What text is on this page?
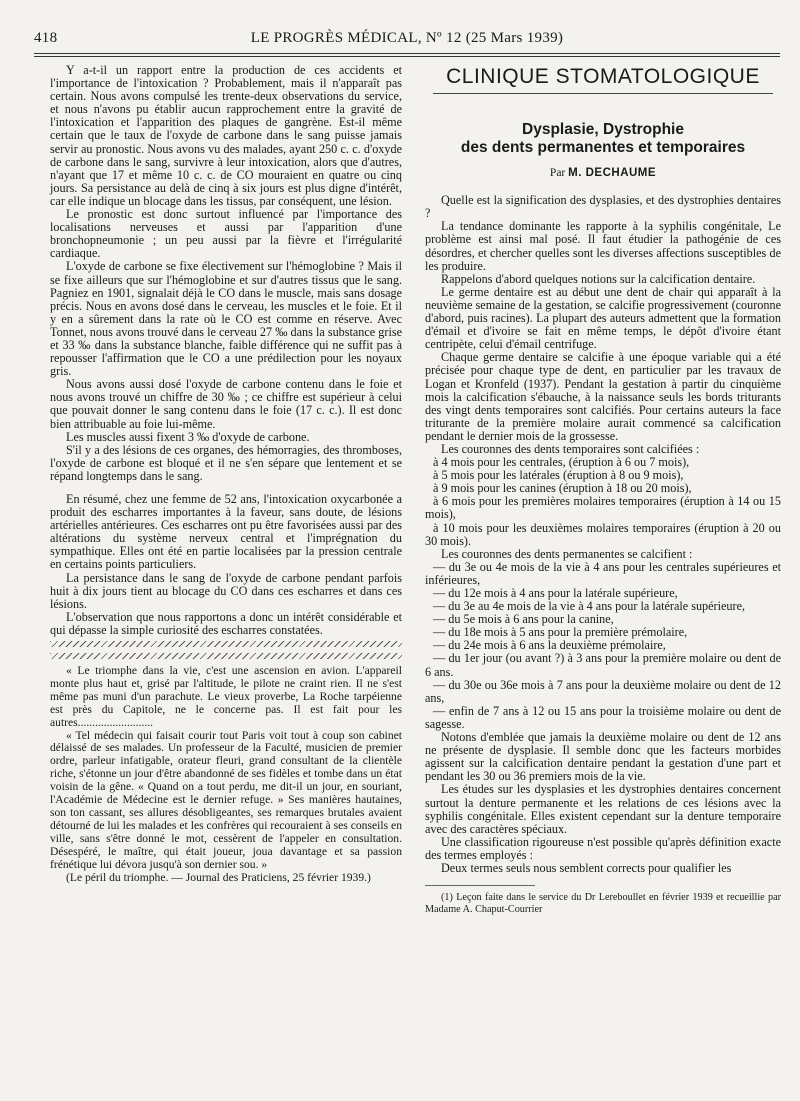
418	LE PROGRÈS MÉDICAL, Nº 12 (25 Mars 1939)

Y a-t-il un rapport entre la production de ces accidents et l'importance de l'intoxication ? Probablement, mais il n'apparaît pas certain. Nous avons compulsé les trente-deux observations du service, et nous n'avons pu établir aucun rapprochement entre la gravité de l'intoxication et l'apparition des plaques de gangrène. Est-il même certain que le taux de l'oxyde de carbone dans le sang puisse jamais servir au pronostic. Nous avons vu des malades, ayant 250 c. c. d'oxyde de carbone dans le sang, survivre à leur intoxication, alors que d'autres, n'ayant que 17 et même 10 c. c. de CO mouraient en quatre ou cinq jours. Sa persistance au delà de cinq à six jours est plus digne d'intérêt, car elle indique un blocage dans les tissus, par conséquent, une lésion.

Le pronostic est donc surtout influencé par l'importance des localisations nerveuses et aussi par l'apparition d'une bronchopneumonie ; un peu aussi par la fièvre et l'irrégularité cardiaque.

L'oxyde de carbone se fixe électivement sur l'hémoglobine ? Mais il se fixe ailleurs que sur l'hémoglobine et sur d'autres tissus que le sang. Pagniez en 1901, signalait déjà le CO dans le muscle, mais sans dosage précis. Nous en avons dosé dans le cerveau, les muscles et le foie. Et il y en a sûrement dans la rate où le CO est comme en réserve. Avec Tonnet, nous avons trouvé dans le cerveau 27 ‰ dans la substance grise et 33 ‰ dans la substance blanche, faible différence qui ne suffit pas à repousser l'affirmation que le CO a une prédilection pour les noyaux gris.

Nous avons aussi dosé l'oxyde de carbone contenu dans le foie et nous avons trouvé un chiffre de 30 ‰ ; ce chiffre est supérieur à celui que pouvait donner le sang contenu dans le foie (17 c. c.). Il est donc bien attribuable au foie lui-même.

Les muscles aussi fixent 3 ‰ d'oxyde de carbone.

S'il y a des lésions de ces organes, des hémorragies, des thromboses, l'oxyde de carbone est bloqué et il ne s'en sépare que lentement et se répand longtemps dans le sang.

En résumé, chez une femme de 52 ans, l'intoxication oxycarbonée a produit des escharres importantes à la faveur, sans doute, de lésions artérielles antérieures. Ces escharres ont pu être favorisées aussi par des altérations du système nerveux central et l'imprégnation du sympathique. Elles ont été en partie localisées par la pression centrale en certains points particuliers.

La persistance dans le sang de l'oxyde de carbone pendant parfois huit à dix jours tient au blocage du CO dans ces escharres et dans ces lésions.

L'observation que nous rapportons a donc un intérêt considérable et qui dépasse la simple curiosité des escharres constatées.

« Le triomphe dans la vie, c'est une ascension en avion. L'appareil monte plus haut et, grisé par l'altitude, le pilote ne craint rien. Il ne s'est même pas muni d'un parachute. Le vieux proverbe, La Roche tarpéienne est près du Capitole, ne le concerne pas. Il est fait pour les autres..........................

« Tel médecin qui faisait courir tout Paris voit tout à coup son cabinet délaissé de ses malades. Un professeur de la Faculté, musicien de premier ordre, parleur infatigable, orateur fleuri, grand consultant de la clientèle riche, s'étonne un jour d'être abandonné de ses fidèles et tombe dans un état voisin de la gêne. « Quand on a tout perdu, me dit-il un jour, en souriant, l'Académie de Médecine est le dernier refuge. » Ses manières hautaines, son ton cassant, ses allures désobligeantes, ses remarques brutales avaient détourné de lui les malades et les confrères qui recouraient à ses conseils en ville, sans s'être donné le mot, cessèrent de l'appeler en consultation. Désespéré, le maître, qui était joueur, joua davantage et sa passion frénétique lui dévora jusqu'à son dernier sou. »

(Le péril du triomphe. — Journal des Praticiens, 25 février 1939.)

CLINIQUE STOMATOLOGIQUE
Dysplasie, Dystrophie
des dents permanentes et temporaires
Par M. DECHAUME

Quelle est la signification des dysplasies, et des dystrophies dentaires ?

La tendance dominante les rapporte à la syphilis congénitale, Le problème est ainsi mal posé. Il faut étudier la pathogénie de ces désordres, et chercher quelles sont les diverses affections susceptibles de les produire.

Rappelons d'abord quelques notions sur la calcification dentaire.

Le germe dentaire est au début une dent de chair qui apparaît à la neuvième semaine de la gestation, se calcifie progressivement (couronne d'abord, puis racines). La plupart des auteurs admettent que la formation d'émail et d'ivoire se fait en même temps, le dépôt d'ivoire étant centripète, celui d'émail centrifuge.

Chaque germe dentaire se calcifie à une époque variable qui a été précisée pour chaque type de dent, en particulier par les travaux de Logan et Kronfeld (1937). Pendant la gestation à partir du cinquième mois la calcification s'ébauche, à la naissance seuls les bords triturants des vingt dents temporaires sont calcifiés. Pour certains auteurs la face triturante de la première molaire aurait commencé sa calcification pendant le dernier mois de la grossesse.

Les couronnes des dents temporaires sont calcifiées :

à 4 mois pour les centrales, (éruption à 6 ou 7 mois),

à 5 mois pour les latérales (éruption à 8 ou 9 mois),

à 9 mois pour les canines (éruption à 18 ou 20 mois),

à 6 mois pour les premières molaires temporaires (éruption à 14 ou 15 mois),

à 10 mois pour les deuxièmes molaires temporaires (éruption à 20 ou 30 mois).

Les couronnes des dents permanentes se calcifient :

— du 3e ou 4e mois de la vie à 4 ans pour les centrales supérieures et inférieures,

— du 12e mois à 4 ans pour la latérale supérieure,

— du 3e au 4e mois de la vie à 4 ans pour la latérale supérieure,

— du 5e mois à 6 ans pour la canine,

— du 18e mois à 5 ans pour la première prémolaire,

— du 24e mois à 6 ans la deuxième prémolaire,

— du 1er jour (ou avant ?) à 3 ans pour la première molaire ou dent de 6 ans.

— du 30e ou 36e mois à 7 ans pour la deuxième molaire ou dent de 12 ans,

— enfin de 7 ans à 12 ou 15 ans pour la troisième molaire ou dent de sagesse.

Notons d'emblée que jamais la deuxième molaire ou dent de 12 ans ne présente de dysplasie. Il semble donc que les facteurs morbides agissent sur la calcification dentaire pendant la gestation d'une part et pendant les 30 ou 36 premiers mois de la vie.

Les études sur les dysplasies et les dystrophies dentaires concernent surtout la denture permanente et les relations de ces lésions avec la syphilis congénitale. Elles existent cependant sur la denture temporaire avec des caractères spéciaux.

Une classification rigoureuse n'est possible qu'après définition exacte des termes employés :

Deux termes seuls nous semblent corrects pour qualifier les

(1) Leçon faite dans le service du Dr Lereboullet en février 1939 et recueillie par Madame A. Chaput-Courrier
